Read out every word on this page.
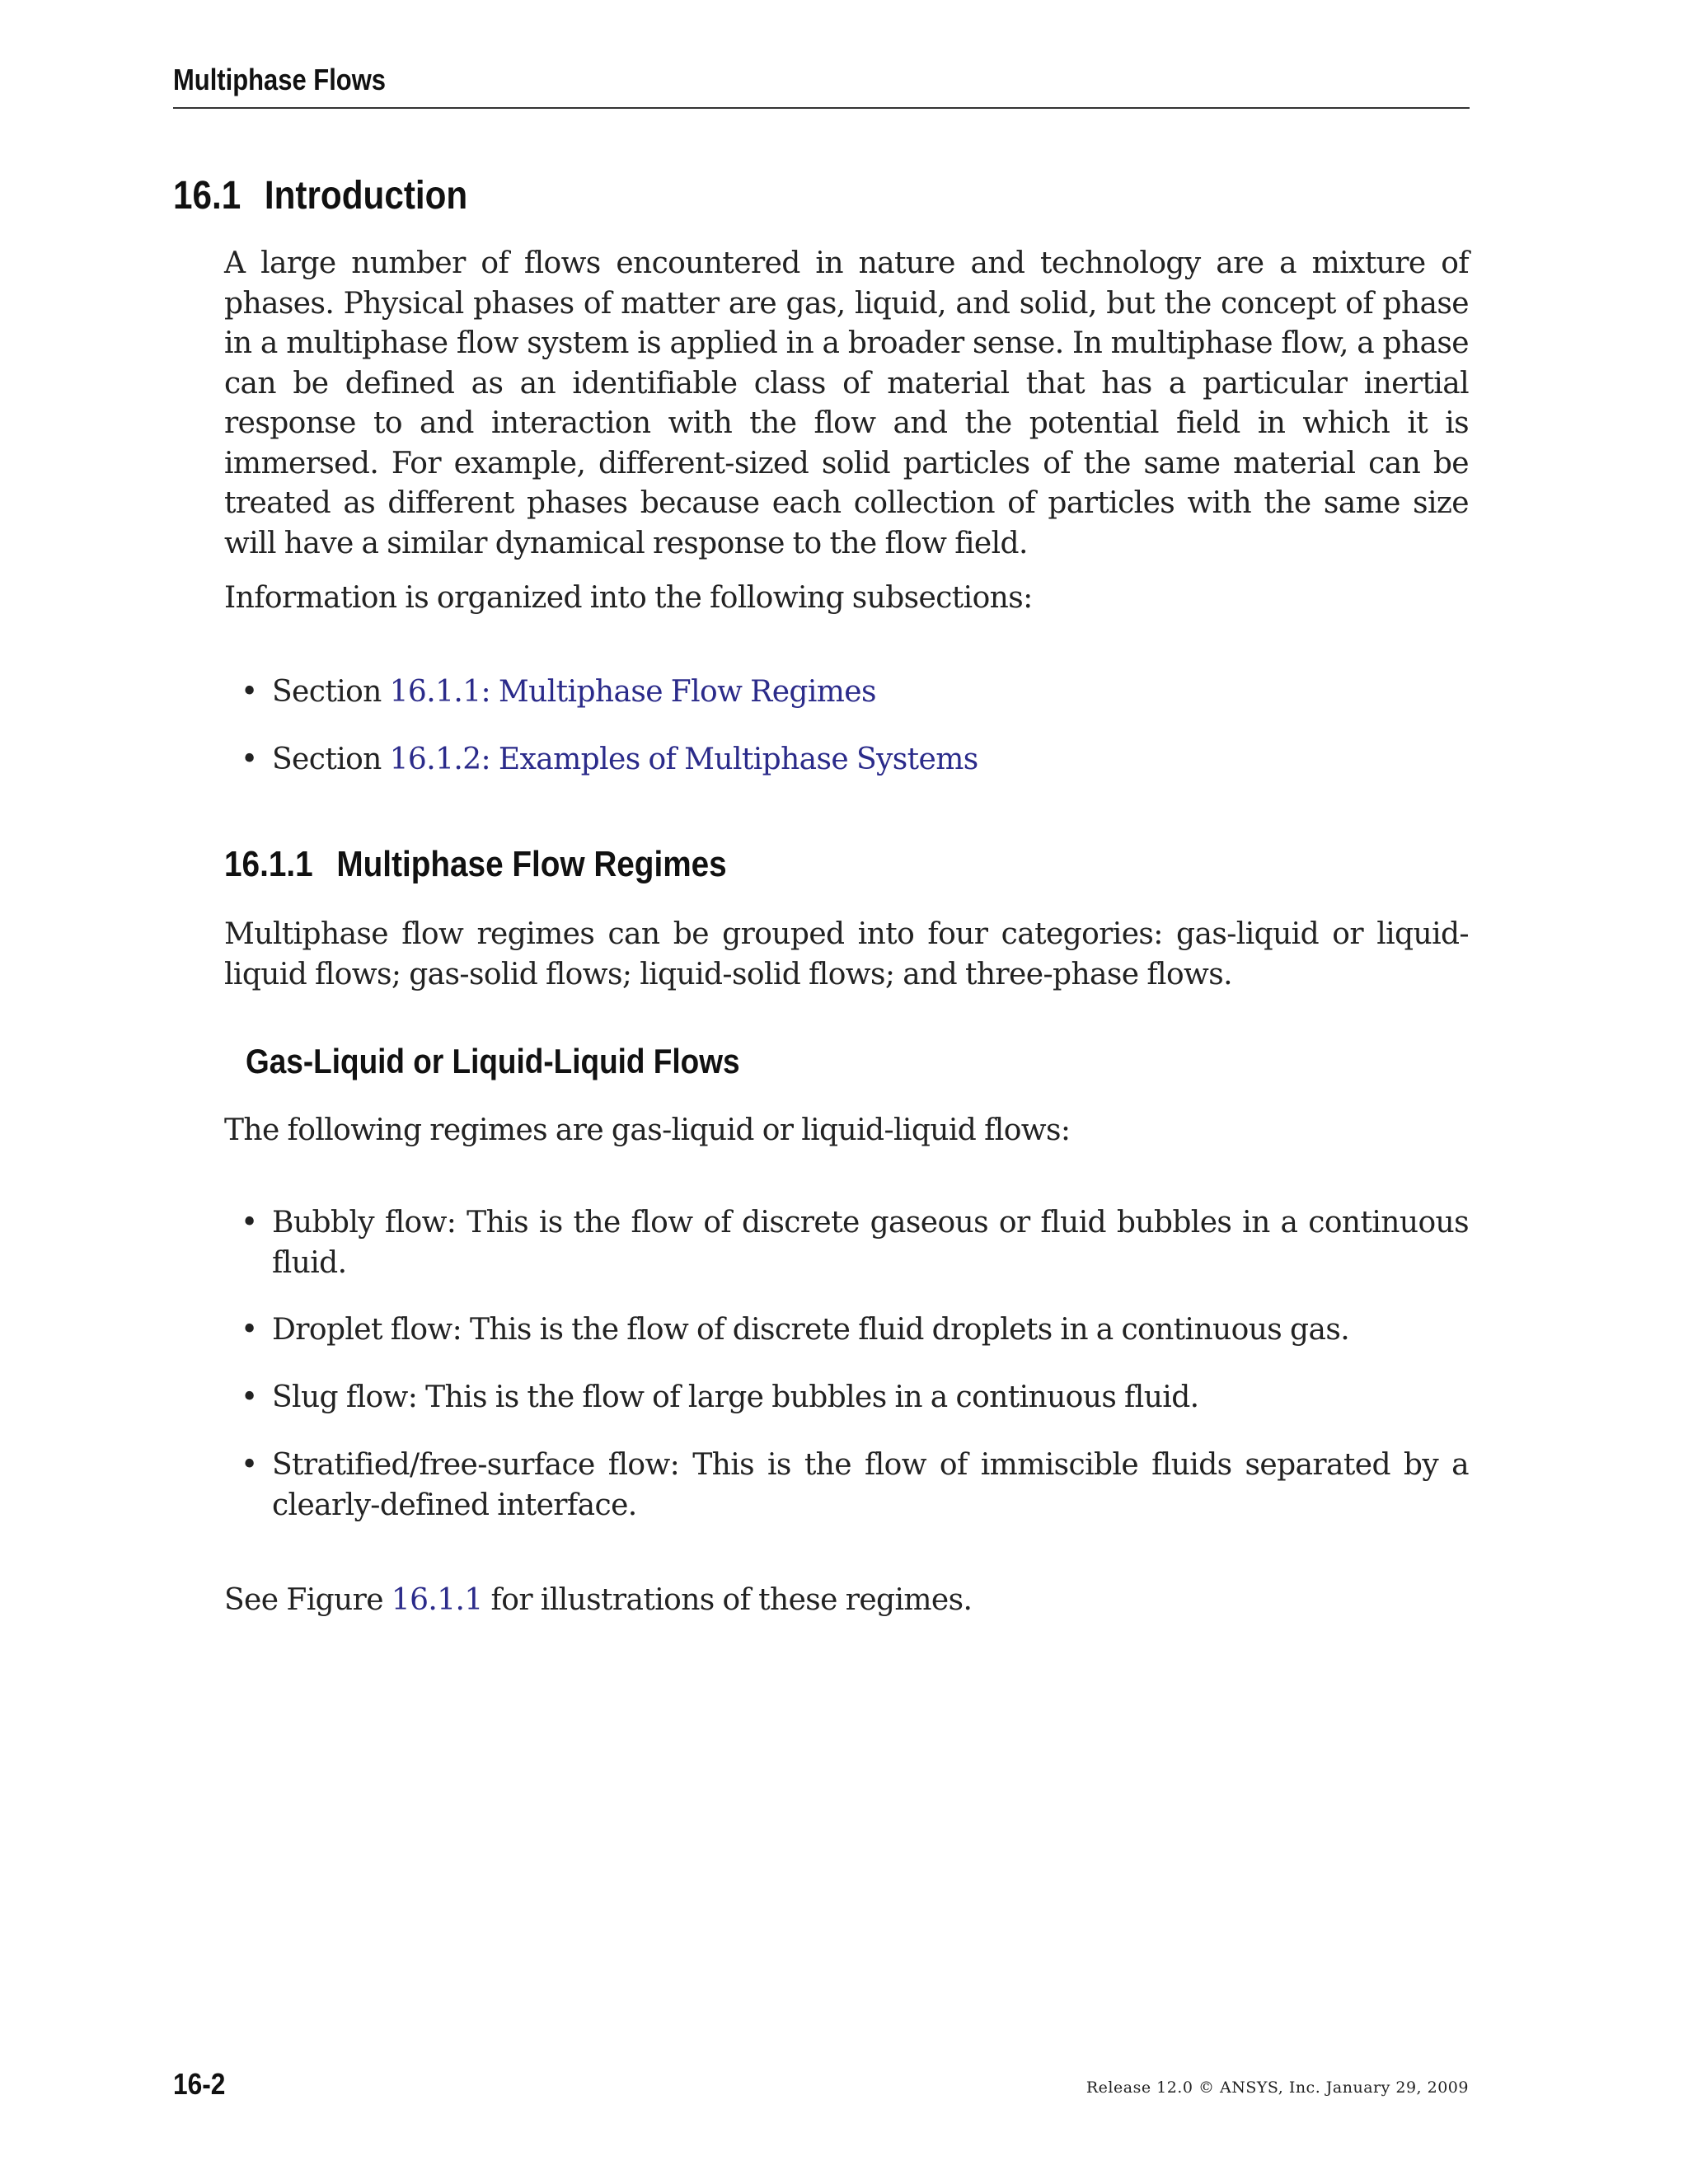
Multiphase Flows
16.1 Introduction

A large number of flows encountered in nature and technology are a mixture of phases. Physical phases of matter are gas, liquid, and solid, but the concept of phase in a multiphase flow system is applied in a broader sense. In multiphase flow, a phase can be defined as an identifiable class of material that has a particular inertial response to and interaction with the flow and the potential field in which it is immersed. For example, different-sized solid particles of the same material can be treated as different phases because each collection of particles with the same size will have a similar dynamical response to the flow field.

Information is organized into the following subsections:

• Section 16.1.1: Multiphase Flow Regimes

• Section 16.1.2: Examples of Multiphase Systems

16.1.1 Multiphase Flow Regimes

Multiphase flow regimes can be grouped into four categories: gas-liquid or liquid-liquid flows; gas-solid flows; liquid-solid flows; and three-phase flows.

Gas-Liquid or Liquid-Liquid Flows

The following regimes are gas-liquid or liquid-liquid flows:

• Bubbly flow: This is the flow of discrete gaseous or fluid bubbles in a continuous fluid.

• Droplet flow: This is the flow of discrete fluid droplets in a continuous gas.

• Slug flow: This is the flow of large bubbles in a continuous fluid.

• Stratified/free-surface flow: This is the flow of immiscible fluids separated by a clearly-defined interface.

See Figure 16.1.1 for illustrations of these regimes.

16-2	Release 12.0 © ANSYS, Inc. January 29, 2009
